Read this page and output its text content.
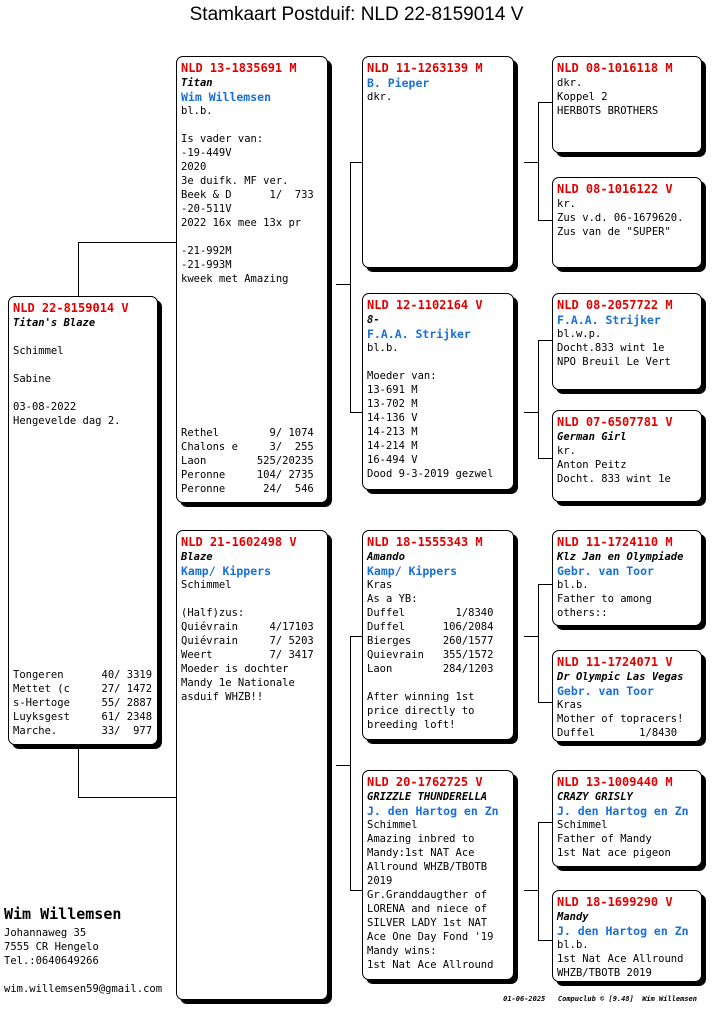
Stamkaart Postduif: NLD 22-8159014 V
NLD 22-8159014 V
Titan's Blaze
Schimmel
Sabine
03-08-2022
Hengevelde dag 2.
Tongeren      40/ 3319
Mettet (c     27/ 1472
s-Hertoge     55/ 2887
Luyksgest     61/ 2348
Marche.       33/  977
NLD 13-1835691 M
Titan
Wim Willemsen
bl.b.
Is vader van:
-19-449V
2020
3e duifk. MF ver.
Beek & D      1/  733
-20-511V
2022 16x mee 13x pr
-21-992M
-21-993M
kweek met Amazing
Rethel        9/ 1074
Chalons e     3/  255
Laon        525/20235
Peronne     104/ 2735
Peronne      24/  546
NLD 21-1602498 V
Blaze
Kamp/ Kippers
Schimmel
(Half)zus:
Quiévrain     4/17103
Quiévrain     7/ 5203
Weert         7/ 3417
Moeder is dochter
Mandy 1e Nationale
asduif WHZB!!
NLD 11-1263139 M
B. Pieper
dkr.
NLD 12-1102164 V
8-
F.A.A. Strijker
bl.b.
Moeder van:
13-691 M
13-702 M
14-136 V
14-213 M
14-214 M
16-494 V
Dood 9-3-2019 gezwel
NLD 18-1555343 M
Amando
Kamp/ Kippers
Kras
As a YB:
Duffel        1/8340
Duffel      106/2084
Bierges     260/1577
Quievrain   355/1572
Laon        284/1203
After winning 1st
price directly to
breeding loft!
NLD 20-1762725 V
GRIZZLE THUNDERELLA
J. den Hartog en Zn
Schimmel
Amazing inbred to
Mandy:1st NAT Ace
Allround WHZB/TBOTB
2019
Gr.Granddaugther of
LORENA and niece of
SILVER LADY 1st NAT
Ace One Day Fond '19
Mandy wins:
1st Nat Ace Allround
NLD 08-1016118 M
dkr.
Koppel 2
HERBOTS BROTHERS
NLD 08-1016122 V
kr.
Zus v.d. 06-1679620.
Zus van de "SUPER"
NLD 08-2057722 M
F.A.A. Strijker
bl.w.p.
Docht.833 wint 1e
NPO Breuil Le Vert
NLD 07-6507781 V
German Girl
kr.
Anton Peitz
Docht. 833 wint 1e
NLD 11-1724110 M
Klz Jan en Olympiade
Gebr. van Toor
bl.b.
Father to among
others::
NLD 11-1724071 V
Dr Olympic Las Vegas
Gebr. van Toor
Kras
Mother of topracers!
Duffel       1/8430
NLD 13-1009440 M
CRAZY GRISLY
J. den Hartog en Zn
Schimmel
Father of Mandy
1st Nat ace pigeon
NLD 18-1699290 V
Mandy
J. den Hartog en Zn
bl.b.
1st Nat Ace Allround
WHZB/TBOTB 2019
Wim Willemsen
Johannaweg 35
7555 CR Hengelo
Tel.:0640649266
wim.willemsen59@gmail.com
01-06-2025   Compuclub © [9.48]  Wim Willemsen
